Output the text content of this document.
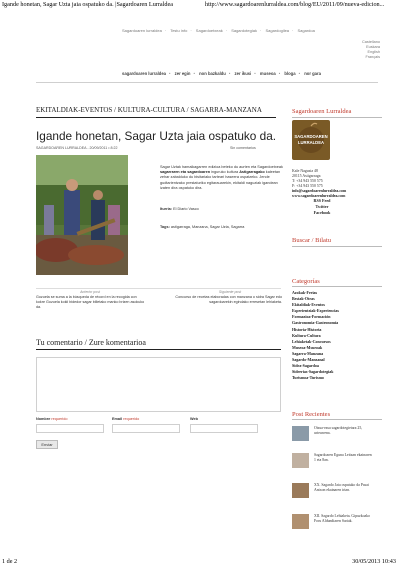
Igande honetan, Sagar Uzta jaia ospatuko da. |Sagardoaren Lurraldea	http://www.sagardoarenlurraldea.com/blog/EU/2011/09/nueva-edicion...
Sagardoaren lurraldea · Testu info · Sagardoetxeak · Sagardotegiak · Sagardogilea · Sagardoa
Castellano
Euskara
English
Français
sagardoaren lurraldea • zer egin • non bazkaldu • zer ikusi • museoa • bloga • nor gara
EKITALDIAK-EVENTOS / KULTURA-CULTURA / SAGARRA-MANZANA
Igande honetan, Sagar Uzta jaia ospatuko da.
SAGARDOAREN LURRALDEA - 20/09/2011 • 8:22	Sin comentarios
Sagar Uztak hamaikagarren edizioa beteko du aurten eta Sagardoetxeak sagarraren eta sagardoaren inguruko kultura Astigarragako kaleetan zehar zabalduko du bisitariako tarteari haseera ospatzeko. Jende gudtarientzako prestaturiko egitarauarekin, ekitaldi naguziak igandean izaten dira ospatuko dira.
Iturria: El Diario Vasco
Tags: astigarraga, Manzana, Sagar Uzta, Sagarra
Anterior post
Gozuela se suma a la búsqueda de récord en la recogida con kokre Gozuela kokii bidedor sagar billetako manko brizen asokuko da.
Siguiente post
Concurso de recetas elaboradas con manzana o sidra Sagar edo sagardoarekin egindako erresetan lehiaketa.
Tu comentario / Zure komentarioa
Nombre requerido	Email requerido	Web
Enviar
Sagardoaren Lurraldea
SAGARDOAREN
LURRALDEA
Kale Nagusia 48
20115 Astigarraga
T: +34 943 550 575
F: +34 943 550 575
info@sagardoarenlurraldea.com
www.sagardoarenlurraldea.com
RSS Feed
Twitter
Facebook
Buscar / Bilatu
Categorías
Azokak-Ferias
Bestak-Otras
Ekitaldiak-Eventos
Esperientziak-Experiencias
Formazioa-Formación
Gastronomia-Gastronomía
Historia-Historia
Kultura-Cultura
Lehiaketak-Concursos
Museoa-Museoak
Sagarra-Manzana
Sagardo-Manzanal
Sidra-Sagardoa
Sidrerías-Sagardotegiak
Turismoa-Turismo
Post Recientes
Otsua-easa sagardotegietara 25, urteurrena.
Sagardoaren Eguna Leitzan ekainaren 1 eta 8an.
XX. Sagardo Jaia ospatuko da Pasai Antxon ekainaren irian.
XII. Sagardo Lehiaketa. Gipuzkoako Foru Aldundiaren Sariak.
1 de 2	30/05/2013 10:43
